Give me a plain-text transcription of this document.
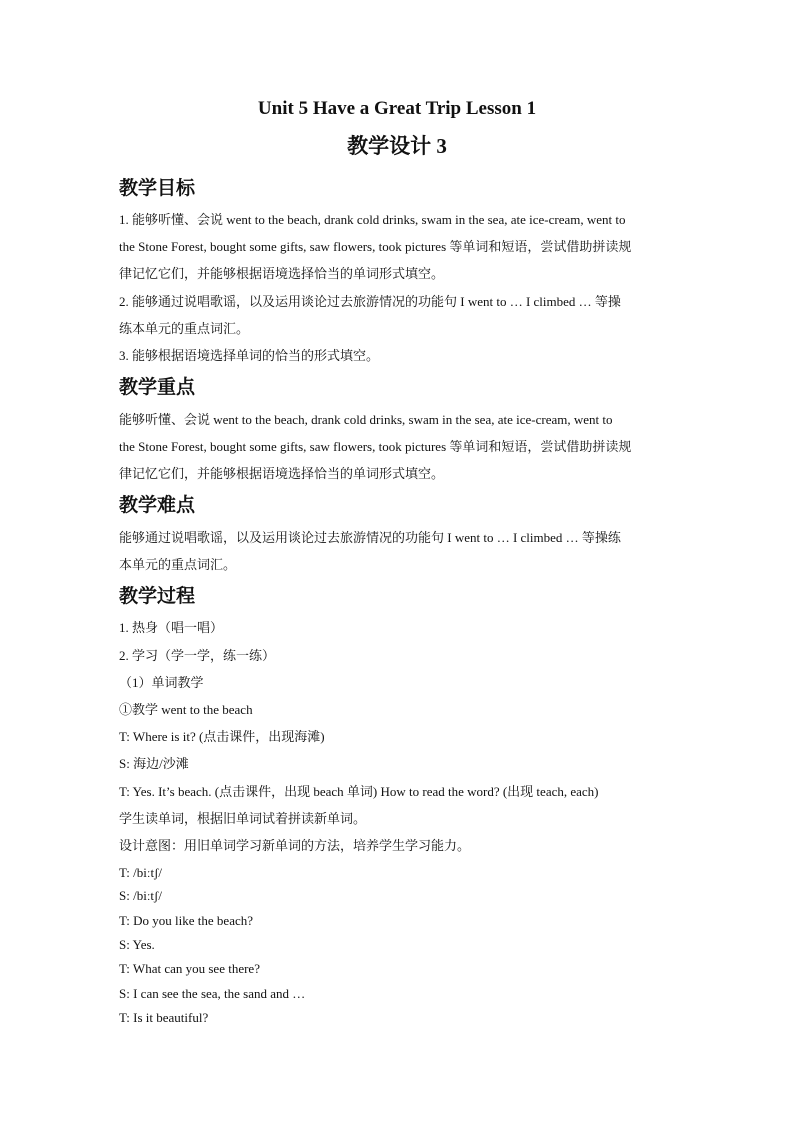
Unit 5 Have a Great Trip Lesson 1
教学设计 3
教学目标
1. 能够听懂、会说 went to the beach, drank cold drinks, swam in the sea, ate ice-cream, went to
the Stone Forest, bought some gifts, saw flowers, took pictures 等单词和短语，尝试借助拼读规
律记忆它们，并能够根据语境选择恰当的单词形式填空。
2. 能够通过说唱歌谣，以及运用谈论过去旅游情况的功能句 I went to … I climbed … 等操
练本单元的重点词汇。
3. 能够根据语境选择单词的恰当的形式填空。
教学重点
能够听懂、会说 went to the beach, drank cold drinks, swam in the sea, ate ice-cream, went to
the Stone Forest, bought some gifts, saw flowers, took pictures 等单词和短语，尝试借助拼读规
律记忆它们，并能够根据语境选择恰当的单词形式填空。
教学难点
能够通过说唱歌谣，以及运用谈论过去旅游情况的功能句 I went to … I climbed … 等操练
本单元的重点词汇。
教学过程
1. 热身（唱一唱）
2. 学习（学一学，练一练）
（1）单词教学
①教学 went to the beach
T: Where is it? (点击课件，出现海滩)
S: 海边/沙滩
T: Yes. It’s beach. (点击课件，出现 beach 单词) How to read the word? (出现 teach, each)
学生读单词，根据旧单词试着拼读新单词。
设计意图：用旧单词学习新单词的方法，培养学生学习能力。
T: /biːtʃ/
S: /biːtʃ/
T: Do you like the beach?
S: Yes.
T: What can you see there?
S: I can see the sea, the sand and …
T: Is it beautiful?
